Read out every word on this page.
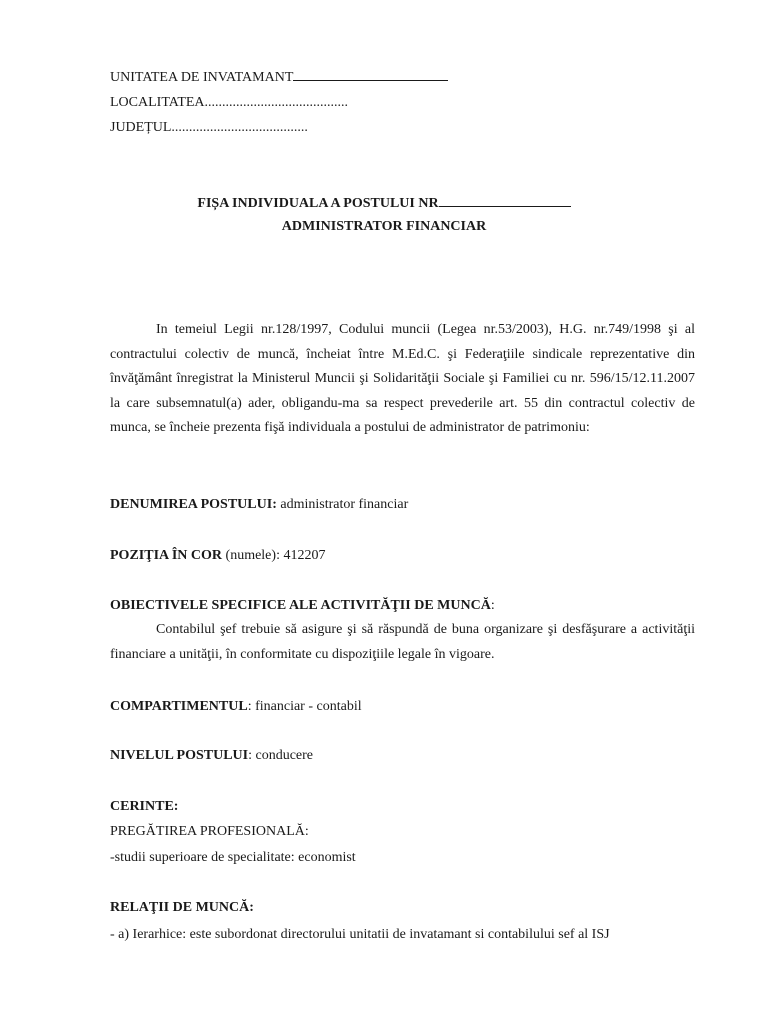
UNITATEA DE INVATAMANT
LOCALITATEA.........................................
JUDEȚUL.......................................
FIȘA INDIVIDUALA A POSTULUI NR
ADMINISTRATOR FINANCIAR
In temeiul Legii nr.128/1997, Codului muncii (Legea nr.53/2003), H.G. nr.749/1998 şi al contractului colectiv de muncă, încheiat între M.Ed.C. şi Federaţiile sindicale reprezentative din învăţământ înregistrat la Ministerul Muncii şi Solidarităţii Sociale şi Familiei cu nr. 596/15/12.11.2007 la care subsemnatul(a) ader, obligandu-ma sa respect prevederile art. 55 din contractul colectiv de munca, se încheie prezenta fişă individuala a postului de administrator de patrimoniu:
DENUMIREA POSTULUI: administrator financiar
POZIŢIA ÎN COR (numele): 412207
OBIECTIVELE SPECIFICE ALE ACTIVITĂŢII DE MUNCĂ:
Contabilul şef trebuie să asigure şi să răspundă de buna organizare şi desfăşurare a activităţii financiare a unităţii, în conformitate cu dispoziţiile legale în vigoare.
COMPARTIMENTUL: financiar - contabil
NIVELUL POSTULUI: conducere
CERINTE:
PREGĂTIREA PROFESIONALĂ:
-studii superioare de specialitate: economist
RELAŢII DE MUNCĂ:
- a) Ierarhice: este subordonat directorului unitatii de invatamant si contabilului sef al ISJ
